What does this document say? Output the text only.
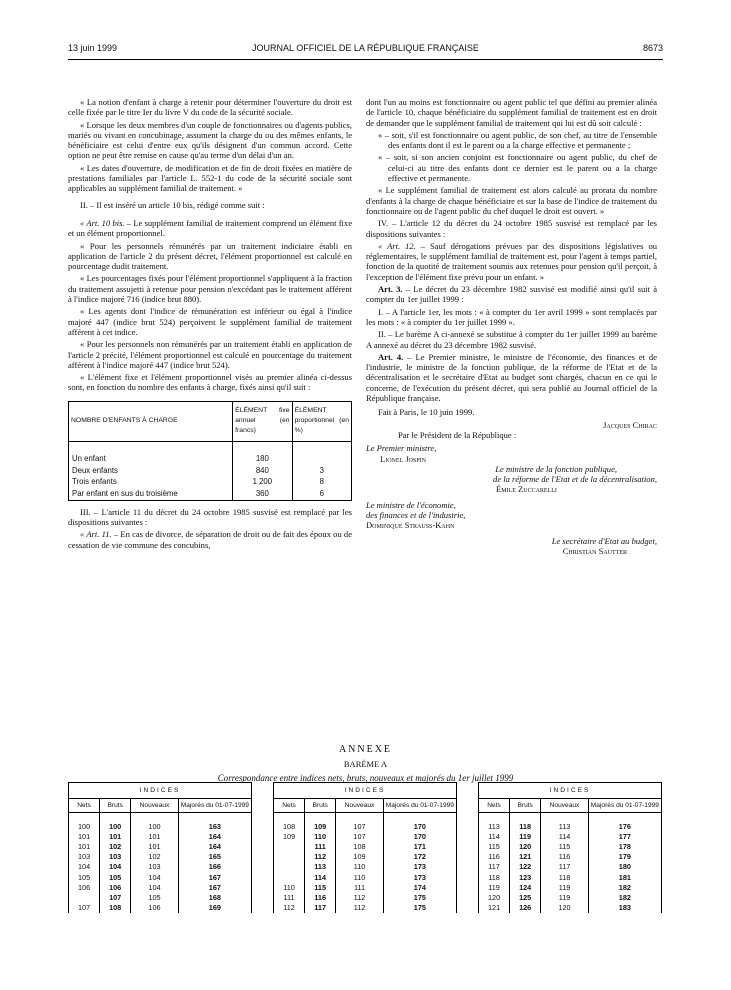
13 juin 1999	JOURNAL OFFICIEL DE LA RÉPUBLIQUE FRANÇAISE	8673

« La notion d'enfant à charge à retenir pour déterminer l'ouverture du droit est celle fixée par le titre Ier du livre V du code de la sécurité sociale.

« Lorsque les deux membres d'un couple de fonctionnaires ou d'agents publics, mariés ou vivant en concubinage, assument la charge du ou des mêmes enfants, le bénéficiaire est celui d'entre eux qu'ils désignent d'un commun accord. Cette option ne peut être remise en cause qu'au terme d'un délai d'un an.

« Les dates d'ouverture, de modification et de fin de droit fixées en matière de prestations familiales par l'article L. 552-1 du code de la sécurité sociale sont applicables au supplément familial de traitement. »

II. – Il est inséré un article 10 bis, rédigé comme suit :

« Art. 10 bis. – Le supplément familial de traitement comprend un élément fixe et un élément proportionnel.

« Pour les personnels rémunérés par un traitement indiciaire établi en application de l'article 2 du présent décret, l'élément proportionnel est calculé en pourcentage dudit traitement.

« Les pourcentages fixés pour l'élément proportionnel s'appliquent à la fraction du traitement assujetti à retenue pour pension n'excédant pas le traitement afférent à l'indice majoré 716 (indice brut 880).

« Les agents dont l'indice de rémunération est inférieur ou égal à l'indice majoré 447 (indice brut 524) perçoivent le supplément familial de traitement afférent à cet indice.

« Pour les personnels non rémunérés par un traitement établi en application de l'article 2 précité, l'élément proportionnel est calculé en pourcentage du traitement afférent à l'indice majoré 447 (indice brut 524).

« L'élément fixe et l'élément proportionnel visés au premier alinéa ci-dessus sont, en fonction du nombre des enfants à charge, fixés ainsi qu'il suit :

NOMBRE D'ENFANTS À CHARGE	ÉLÉMENT fixe annuel (en francs)	ÉLÉMENT proportionnel (en %)

Un enfant	180	
Deux enfants	840	3
Trois enfants	1 200	8
Par enfant en sus du troisième	360	6

III. – L'article 11 du décret du 24 octobre 1985 susvisé est remplacé par les dispositions suivantes :

« Art. 11. – En cas de divorce, de séparation de droit ou de fait des époux ou de cessation de vie commune des concubins,

dont l'un au moins est fonctionnaire ou agent public tel que défini au premier alinéa de l'article 10, chaque bénéficiaire du supplément familial de traitement est en droit de demander que le supplément familial de traitement qui lui est dû soit calculé :

« – soit, s'il est fonctionnaire ou agent public, de son chef, au titre de l'ensemble des enfants dont il est le parent ou a la charge effective et permanente ;

« – soit, si son ancien conjoint est fonctionnaire ou agent public, du chef de celui-ci au titre des enfants dont ce dernier est le parent ou a la charge effective et permanente.

« Le supplément familial de traitement est alors calculé au prorata du nombre d'enfants à la charge de chaque bénéficiaire et sur la base de l'indice de traitement du fonctionnaire ou de l'agent public du chef duquel le droit est ouvert. »

IV. – L'article 12 du décret du 24 octobre 1985 susvisé est remplacé par les dispositions suivantes :

« Art. 12. – Sauf dérogations prévues par des dispositions législatives ou réglementaires, le supplément familial de traitement est, pour l'agent à temps partiel, fonction de la quotité de traitement soumis aux retenues pour pension qu'il perçoit, à l'exception de l'élément fixe prévu pour un enfant. »

Art. 3. – Le décret du 23 décembre 1982 susvisé est modifié ainsi qu'il suit à compter du 1er juillet 1999 :

I. – A l'article 1er, les mots : « à compter du 1er avril 1999 » sont remplacés par les mots : « à compter du 1er juillet 1999 ».

II. – Le barème A ci-annexé se substitue à compter du 1er juillet 1999 au barème A annexé au décret du 23 décembre 1982 susvisé.

Art. 4. – Le Premier ministre, le ministre de l'économie, des finances et de l'industrie, le ministre de la fonction publique, de la réforme de l'Etat et de la décentralisation et le secrétaire d'Etat au budget sont chargés, chacun en ce qui le concerne, de l'exécution du présent décret, qui sera publié au Journal officiel de la République française.

Fait à Paris, le 10 juin 1999.

Jacques Chirac
Par le Président de la République :
Le Premier ministre,
Lionel Jospin
Le ministre de la fonction publique,
de la réforme de l'Etat et de la décentralisation,
Émile Zuccarelli
Le ministre de l'économie,
des finances et de l'industrie,
Dominique Strauss-Kahn
Le secrétaire d'Etat au budget,
Christian Sautter
ANNEXE
BARÈME A
Correspondance entre indices nets, bruts, nouveaux et majorés du 1er juillet 1999
INDICES			
Nets	Bruts	Nouveaux	Majorés du 01-07-1999
100	100	100	163
101	101	101	164
101	102	101	164
103	103	102	165
104	104	103	166
105	105	104	167
106	106	104	167
	107	105	168
107	108	106	169
INDICES			
Nets	Bruts	Nouveaux	Majorés du 01-07-1999
108	109	107	170
109	110	107	170
	111	108	171
	112	109	172
	113	110	173
	114	110	173
110	115	111	174
111	116	112	175
112	117	112	175
INDICES			
Nets	Bruts	Nouveaux	Majorés du 01-07-1999
113	118	113	176
114	119	114	177
115	120	115	178
116	121	116	179
117	122	117	180
118	123	118	181
119	124	119	182
120	125	119	182
121	126	120	183
